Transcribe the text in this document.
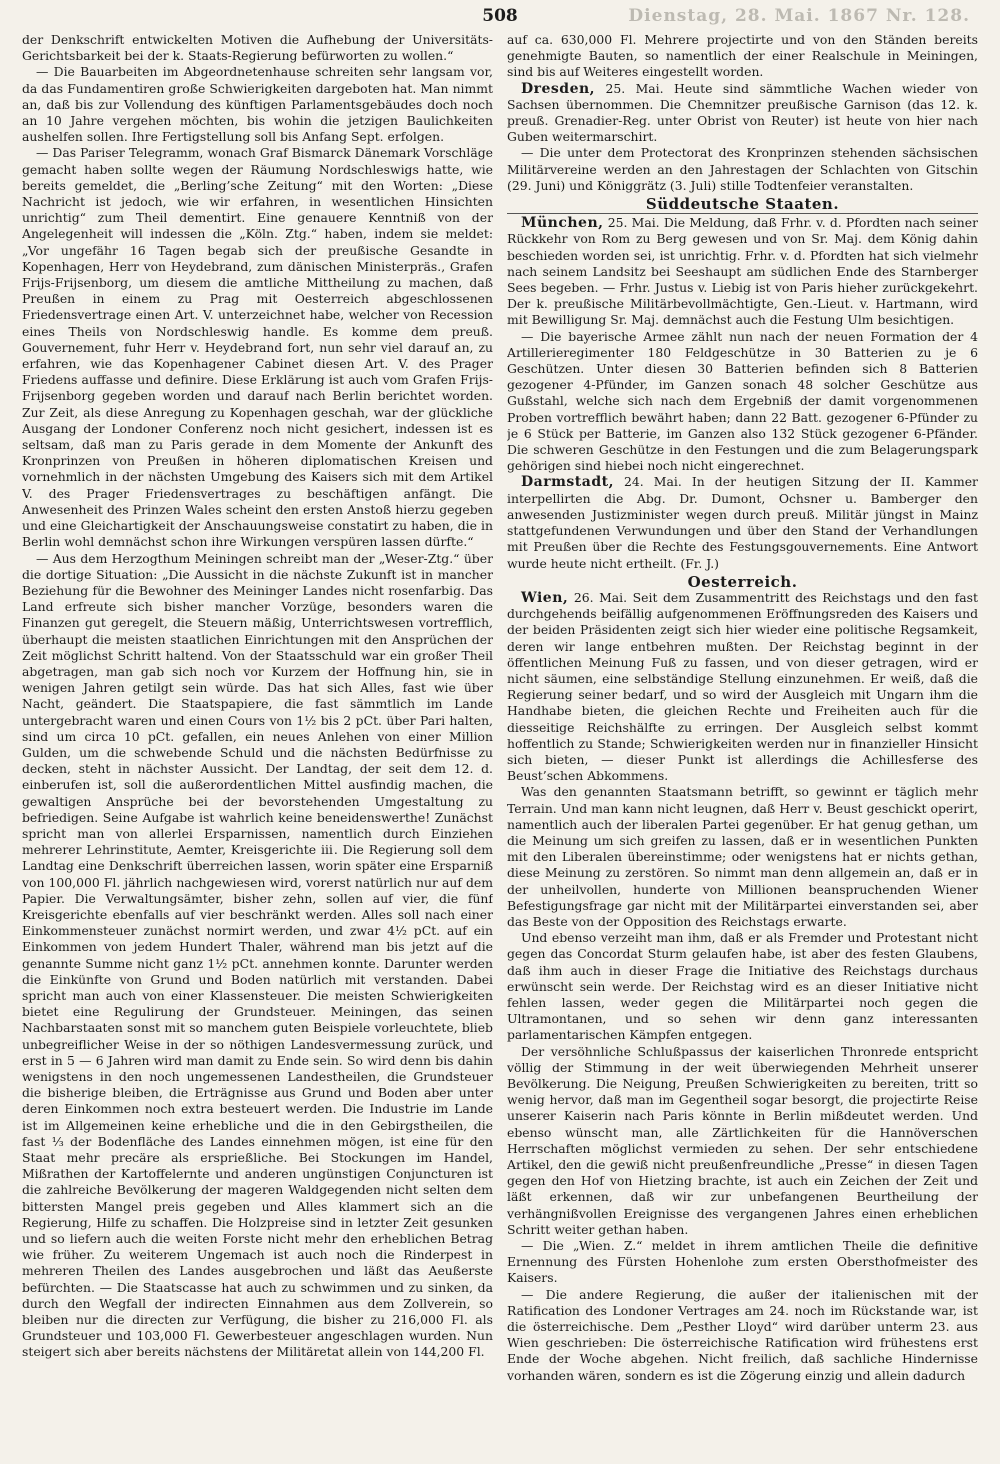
508	Dienstag, 28. Mai. 1867 Nr. 128.

der Denkschrift entwickelten Motiven die Aufhebung der Universitäts-Gerichtsbarkeit bei der k. Staats-Regierung befürworten zu wollen.“

— Die Bauarbeiten im Abgeordnetenhause schreiten sehr langsam vor, da das Fundamentiren große Schwierigkeiten dargeboten hat. Man nimmt an, daß bis zur Vollendung des künftigen Parlamentsgebäudes doch noch an 10 Jahre vergehen möchten, bis wohin die jetzigen Baulichkeiten aushelfen sollen. Ihre Fertigstellung soll bis Anfang Sept. erfolgen.

— Das Pariser Telegramm, wonach Graf Bismarck Dänemark Vorschläge gemacht haben sollte wegen der Räumung Nordschleswigs hatte, wie bereits gemeldet, die „Berling’sche Zeitung“ mit den Worten: „Diese Nachricht ist jedoch, wie wir erfahren, in wesentlichen Hinsichten unrichtig“ zum Theil dementirt. Eine genauere Kenntniß von der Angelegenheit will indessen die „Köln. Ztg.“ haben, indem sie meldet: „Vor ungefähr 16 Tagen begab sich der preußische Gesandte in Kopenhagen, Herr von Heydebrand, zum dänischen Ministerpräs., Grafen Frijs-Frijsenborg, um diesem die amtliche Mittheilung zu machen, daß Preußen in einem zu Prag mit Oesterreich abgeschlossenen Friedensvertrage einen Art. V. unterzeichnet habe, welcher von Recession eines Theils von Nordschleswig handle. Es komme dem preuß. Gouvernement, fuhr Herr v. Heydebrand fort, nun sehr viel darauf an, zu erfahren, wie das Kopenhagener Cabinet diesen Art. V. des Prager Friedens auffasse und definire. Diese Erklärung ist auch vom Grafen Frijs-Frijsenborg gegeben worden und darauf nach Berlin berichtet worden. Zur Zeit, als diese Anregung zu Kopenhagen geschah, war der glückliche Ausgang der Londoner Conferenz noch nicht gesichert, indessen ist es seltsam, daß man zu Paris gerade in dem Momente der Ankunft des Kronprinzen von Preußen in höheren diplomatischen Kreisen und vornehmlich in der nächsten Umgebung des Kaisers sich mit dem Artikel V. des Prager Friedensvertrages zu beschäftigen anfängt. Die Anwesenheit des Prinzen Wales scheint den ersten Anstoß hierzu gegeben und eine Gleichartigkeit der Anschauungsweise constatirt zu haben, die in Berlin wohl demnächst schon ihre Wirkungen verspüren lassen dürfte.“

— Aus dem Herzogthum Meiningen schreibt man der „Weser-Ztg.“ über die dortige Situation: „Die Aussicht in die nächste Zukunft ist in mancher Beziehung für die Bewohner des Meininger Landes nicht rosenfarbig. Das Land erfreute sich bisher mancher Vorzüge, besonders waren die Finanzen gut geregelt, die Steuern mäßig, Unterrichtswesen vortrefflich, überhaupt die meisten staatlichen Einrichtungen mit den Ansprüchen der Zeit möglichst Schritt haltend. Von der Staatsschuld war ein großer Theil abgetragen, man gab sich noch vor Kurzem der Hoffnung hin, sie in wenigen Jahren getilgt sein würde. Das hat sich Alles, fast wie über Nacht, geändert. Die Staatspapiere, die fast sämmtlich im Lande untergebracht waren und einen Cours von 1½ bis 2 pCt. über Pari halten, sind um circa 10 pCt. gefallen, ein neues Anlehen von einer Million Gulden, um die schwebende Schuld und die nächsten Bedürfnisse zu decken, steht in nächster Aussicht. Der Landtag, der seit dem 12. d. einberufen ist, soll die außerordentlichen Mittel ausfindig machen, die gewaltigen Ansprüche bei der bevorstehenden Umgestaltung zu befriedigen. Seine Aufgabe ist wahrlich keine beneidenswerthe! Zunächst spricht man von allerlei Ersparnissen, namentlich durch Einziehen mehrerer Lehrinstitute, Aemter, Kreisgerichte ⅲ. Die Regierung soll dem Landtag eine Denkschrift überreichen lassen, worin später eine Ersparniß von 100,000 Fl. jährlich nachgewiesen wird, vorerst natürlich nur auf dem Papier. Die Verwaltungsämter, bisher zehn, sollen auf vier, die fünf Kreisgerichte ebenfalls auf vier beschränkt werden. Alles soll nach einer Einkommensteuer zunächst normirt werden, und zwar 4½ pCt. auf ein Einkommen von jedem Hundert Thaler, während man bis jetzt auf die genannte Summe nicht ganz 1½ pCt. annehmen konnte. Darunter werden die Einkünfte von Grund und Boden natürlich mit verstanden. Dabei spricht man auch von einer Klassensteuer. Die meisten Schwierigkeiten bietet eine Regulirung der Grundsteuer. Meiningen, das seinen Nachbarstaaten sonst mit so manchem guten Beispiele vorleuchtete, blieb unbegreiflicher Weise in der so nöthigen Landesvermessung zurück, und erst in 5 — 6 Jahren wird man damit zu Ende sein. So wird denn bis dahin wenigstens in den noch ungemessenen Landestheilen, die Grundsteuer die bisherige bleiben, die Erträgnisse aus Grund und Boden aber unter deren Einkommen noch extra besteuert werden. Die Industrie im Lande ist im Allgemeinen keine erhebliche und die in den Gebirgstheilen, die fast ⅓ der Bodenfläche des Landes einnehmen mögen, ist eine für den Staat mehr precäre als ersprießliche. Bei Stockungen im Handel, Mißrathen der Kartoffelernte und anderen ungünstigen Conjuncturen ist die zahlreiche Bevölkerung der mageren Waldgegenden nicht selten dem bittersten Mangel preis gegeben und Alles klammert sich an die Regierung, Hilfe zu schaffen. Die Holzpreise sind in letzter Zeit gesunken und so liefern auch die weiten Forste nicht mehr den erheblichen Betrag wie früher. Zu weiterem Ungemach ist auch noch die Rinderpest in mehreren Theilen des Landes ausgebrochen und läßt das Aeußerste befürchten. — Die Staatscasse hat auch zu schwimmen und zu sinken, da durch den Wegfall der indirecten Einnahmen aus dem Zollverein, so bleiben nur die directen zur Verfügung, die bisher zu 216,000 Fl. als Grundsteuer und 103,000 Fl. Gewerbesteuer angeschlagen wurden. Nun steigert sich aber bereits nächstens der Militäretat allein von 144,200 Fl.

auf ca. 630,000 Fl. Mehrere projectirte und von den Ständen bereits genehmigte Bauten, so namentlich der einer Realschule in Meiningen, sind bis auf Weiteres eingestellt worden.

Dresden, 25. Mai. Heute sind sämmtliche Wachen wieder von Sachsen übernommen. Die Chemnitzer preußische Garnison (das 12. k. preuß. Grenadier-Reg. unter Obrist von Reuter) ist heute von hier nach Guben weitermarschirt.

— Die unter dem Protectorat des Kronprinzen stehenden sächsischen Militärvereine werden an den Jahrestagen der Schlachten von Gitschin (29. Juni) und Königgrätz (3. Juli) stille Todtenfeier veranstalten.

Süddeutsche Staaten.

München, 25. Mai. Die Meldung, daß Frhr. v. d. Pfordten nach seiner Rückkehr von Rom zu Berg gewesen und von Sr. Maj. dem König dahin beschieden worden sei, ist unrichtig. Frhr. v. d. Pfordten hat sich vielmehr nach seinem Landsitz bei Seeshaupt am südlichen Ende des Starnberger Sees begeben. — Frhr. Justus v. Liebig ist von Paris hieher zurückgekehrt. Der k. preußische Militärbevollmächtigte, Gen.-Lieut. v. Hartmann, wird mit Bewilligung Sr. Maj. demnächst auch die Festung Ulm besichtigen.

— Die bayerische Armee zählt nun nach der neuen Formation der 4 Artillerieregimenter 180 Feldgeschütze in 30 Batterien zu je 6 Geschützen. Unter diesen 30 Batterien befinden sich 8 Batterien gezogener 4-Pfünder, im Ganzen sonach 48 solcher Geschütze aus Gußstahl, welche sich nach dem Ergebniß der damit vorgenommenen Proben vortrefflich bewährt haben; dann 22 Batt. gezogener 6-Pfünder zu je 6 Stück per Batterie, im Ganzen also 132 Stück gezogener 6-Pfänder. Die schweren Geschütze in den Festungen und die zum Belagerungspark gehörigen sind hiebei noch nicht eingerechnet.

Darmstadt, 24. Mai. In der heutigen Sitzung der II. Kammer interpellirten die Abg. Dr. Dumont, Ochsner u. Bamberger den anwesenden Justizminister wegen durch preuß. Militär jüngst in Mainz stattgefundenen Verwundungen und über den Stand der Verhandlungen mit Preußen über die Rechte des Festungsgouvernements. Eine Antwort wurde heute nicht ertheilt. (Fr. J.)

Oesterreich.

Wien, 26. Mai. Seit dem Zusammentritt des Reichstags und den fast durchgehends beifällig aufgenommenen Eröffnungsreden des Kaisers und der beiden Präsidenten zeigt sich hier wieder eine politische Regsamkeit, deren wir lange entbehren mußten. Der Reichstag beginnt in der öffentlichen Meinung Fuß zu fassen, und von dieser getragen, wird er nicht säumen, eine selbständige Stellung einzunehmen. Er weiß, daß die Regierung seiner bedarf, und so wird der Ausgleich mit Ungarn ihm die Handhabe bieten, die gleichen Rechte und Freiheiten auch für die diesseitige Reichshälfte zu erringen. Der Ausgleich selbst kommt hoffentlich zu Stande; Schwierigkeiten werden nur in finanzieller Hinsicht sich bieten, — dieser Punkt ist allerdings die Achillesferse des Beust’schen Abkommens.

Was den genannten Staatsmann betrifft, so gewinnt er täglich mehr Terrain. Und man kann nicht leugnen, daß Herr v. Beust geschickt operirt, namentlich auch der liberalen Partei gegenüber. Er hat genug gethan, um die Meinung um sich greifen zu lassen, daß er in wesentlichen Punkten mit den Liberalen übereinstimme; oder wenigstens hat er nichts gethan, diese Meinung zu zerstören. So nimmt man denn allgemein an, daß er in der unheilvollen, hunderte von Millionen beanspruchenden Wiener Befestigungsfrage gar nicht mit der Militärpartei einverstanden sei, aber das Beste von der Opposition des Reichstags erwarte.

Und ebenso verzeiht man ihm, daß er als Fremder und Protestant nicht gegen das Concordat Sturm gelaufen habe, ist aber des festen Glaubens, daß ihm auch in dieser Frage die Initiative des Reichstags durchaus erwünscht sein werde. Der Reichstag wird es an dieser Initiative nicht fehlen lassen, weder gegen die Militärpartei noch gegen die Ultramontanen, und so sehen wir denn ganz interessanten parlamentarischen Kämpfen entgegen.

Der versöhnliche Schlußpassus der kaiserlichen Thronrede entspricht völlig der Stimmung in der weit überwiegenden Mehrheit unserer Bevölkerung. Die Neigung, Preußen Schwierigkeiten zu bereiten, tritt so wenig hervor, daß man im Gegentheil sogar besorgt, die projectirte Reise unserer Kaiserin nach Paris könnte in Berlin mißdeutet werden. Und ebenso wünscht man, alle Zärtlichkeiten für die Hannöverschen Herrschaften möglichst vermieden zu sehen. Der sehr entschiedene Artikel, den die gewiß nicht preußenfreundliche „Presse“ in diesen Tagen gegen den Hof von Hietzing brachte, ist auch ein Zeichen der Zeit und läßt erkennen, daß wir zur unbefangenen Beurtheilung der verhängnißvollen Ereignisse des vergangenen Jahres einen erheblichen Schritt weiter gethan haben.

— Die „Wien. Z.“ meldet in ihrem amtlichen Theile die definitive Ernennung des Fürsten Hohenlohe zum ersten Obersthofmeister des Kaisers.

— Die andere Regierung, die außer der italienischen mit der Ratification des Londoner Vertrages am 24. noch im Rückstande war, ist die österreichische. Dem „Pesther Lloyd“ wird darüber unterm 23. aus Wien geschrieben: Die österreichische Ratification wird frühestens erst Ende der Woche abgehen. Nicht freilich, daß sachliche Hindernisse vorhanden wären, sondern es ist die Zögerung einzig und allein dadurch
